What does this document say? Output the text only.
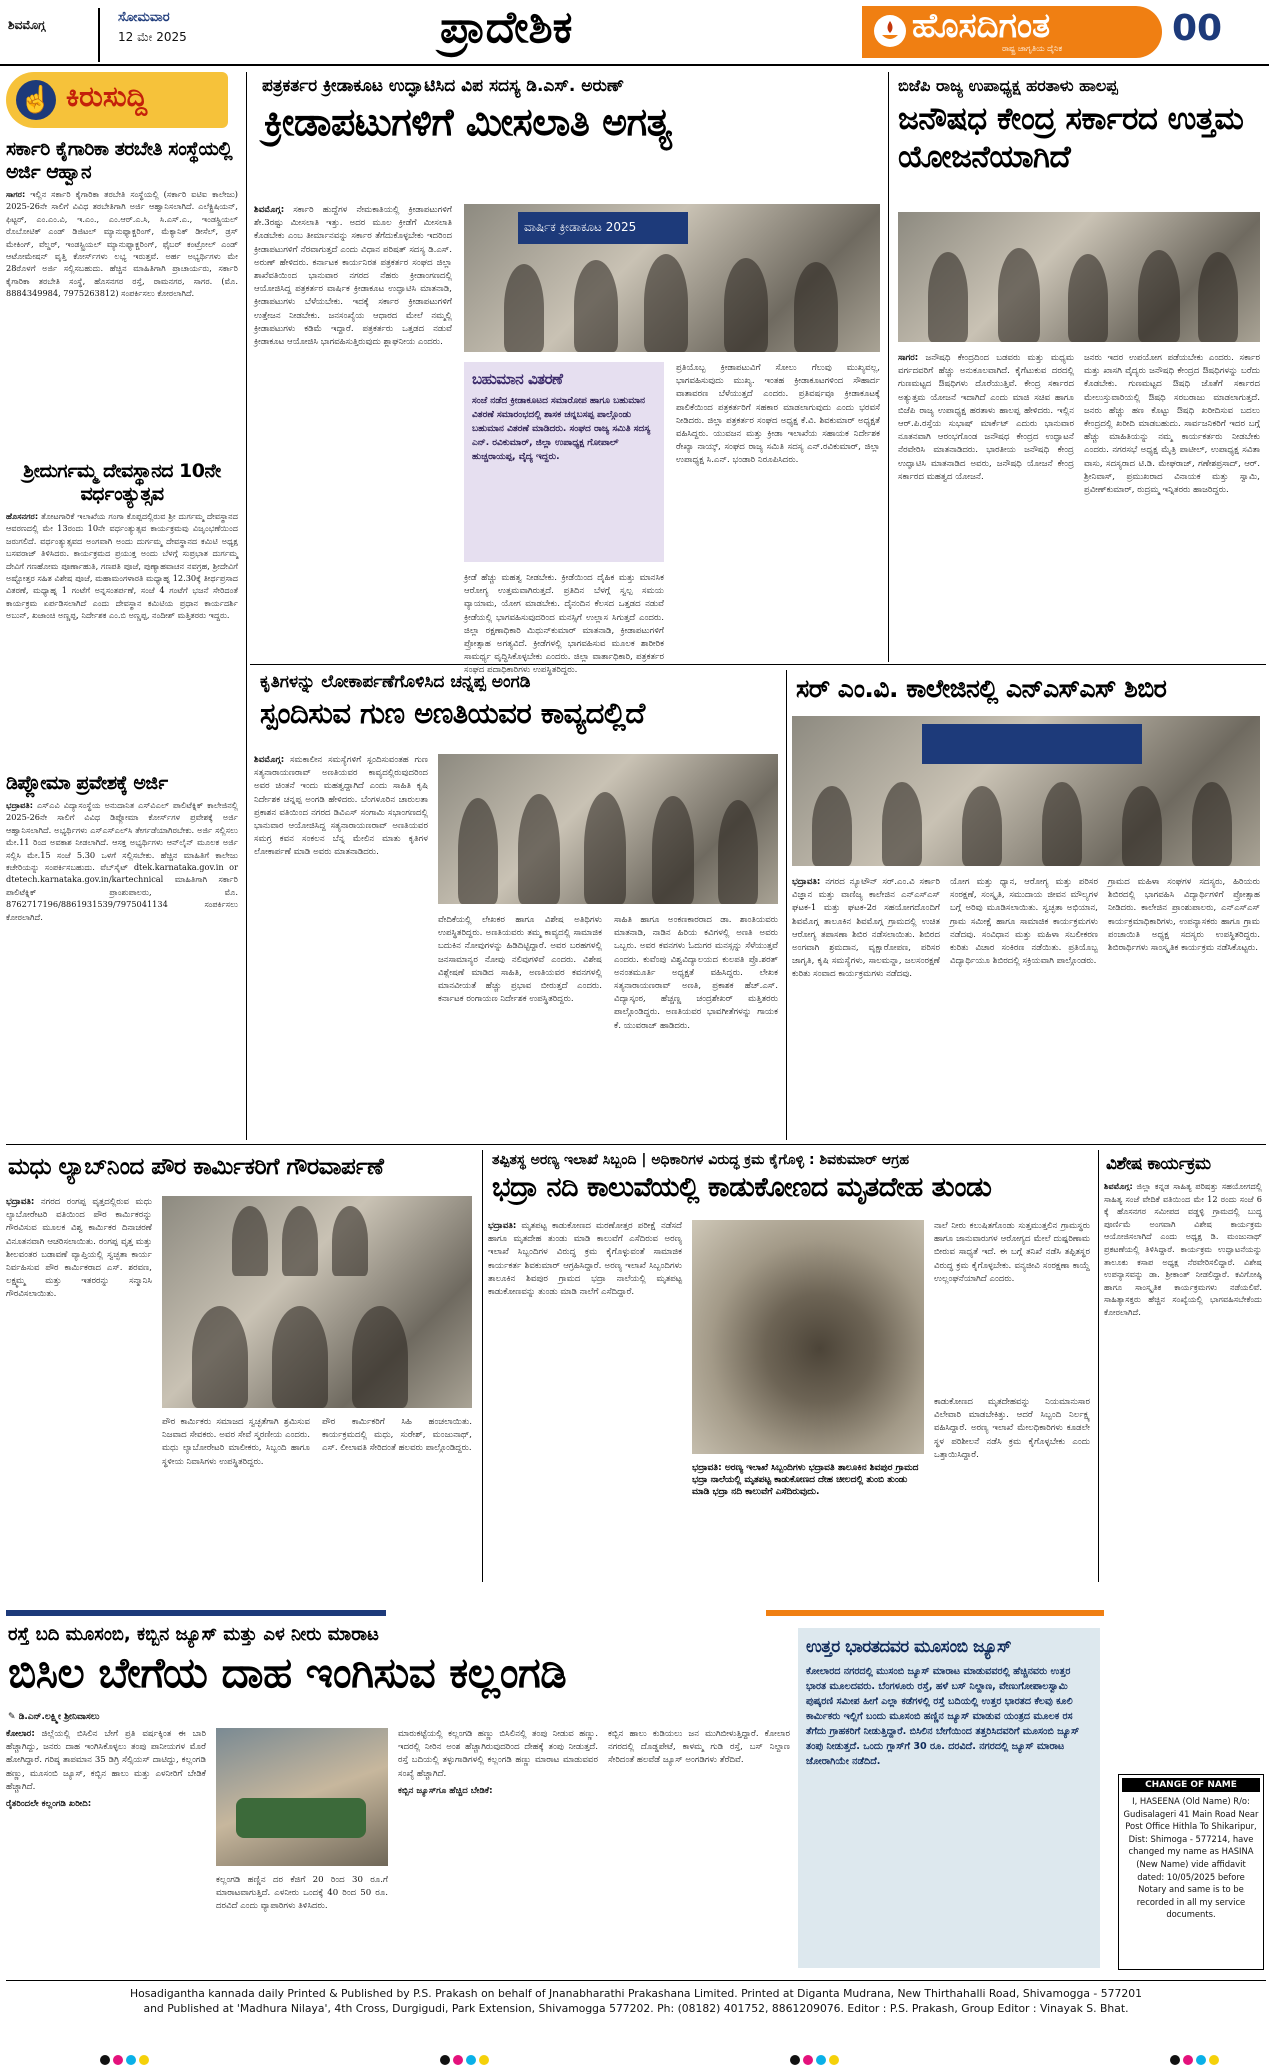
ಶಿವಮೊಗ್ಗ	ಸೋಮವಾರ
12 ಮೇ 2025	ಪ್ರಾದೇಶಿಕ	ಹೊಸದಿಗಂತ
ರಾಷ್ಟ್ರ ಜಾಗೃತಿಯ ದೈನಿಕ	00
☝ ಕಿರುಸುದ್ದಿ
ಸರ್ಕಾರಿ ಕೈಗಾರಿಕಾ ತರಬೇತಿ ಸಂಸ್ಥೆಯಲ್ಲಿ ಅರ್ಜಿ ಆಹ್ವಾನ
ಸಾಗರ: ಇಲ್ಲಿನ ಸರ್ಕಾರಿ ಕೈಗಾರಿಕಾ ತರಬೇತಿ ಸಂಸ್ಥೆಯಲ್ಲಿ (ಸರ್ಕಾರಿ ಐಟಿಐ ಕಾಲೇಜು) 2025-26ನೇ ಸಾಲಿಗೆ ವಿವಿಧ ತರಬೇತಿಗಾಗಿ ಅರ್ಜಿ ಆಹ್ವಾನಿಸಲಾಗಿದೆ. ಎಲೆಕ್ಟ್ರಿಷಿಯನ್, ಫಿಟ್ಟರ್, ಎಂ.ಎಂ.ವಿ, ಇ.ಎಂ., ಎಂ.ಆರ್.ಎ.ಸಿ, ಸಿ.ಎಸ್.ಎ., ಇಂಡಸ್ಟ್ರಿಯಲ್ ರೊಬೋಟಿಕ್ ಎಂಡ್ ಡಿಜಿಟಲ್ ಮ್ಯಾನುಫ್ಯಾಕ್ಚರಿಂಗ್, ಮೆಕ್ಯಾನಿಕ್ ಡೀಸೆಲ್, ಡ್ರಸ್ ಮೇಕಿಂಗ್, ವೆಲ್ಡರ್, ಇಂಡಸ್ಟ್ರಿಯಲ್ ಮ್ಯಾನುಫ್ಯಾಕ್ಚರಿಂಗ್, ಫೈಬರ್ ಕಂಟ್ರೋಲ್ ಎಂಡ್ ಆಟೋಮೇಷನ್ ವೃತ್ತಿ ಕೋರ್ಸ್‌ಗಳು ಲಭ್ಯ ಇರುತ್ತವೆ. ಅರ್ಹ ಅಭ್ಯರ್ಥಿಗಳು ಮೇ 28ರೊಳಗೆ ಅರ್ಜಿ ಸಲ್ಲಿಸಬಹುದು. ಹೆಚ್ಚಿನ ಮಾಹಿತಿಗಾಗಿ ಪ್ರಾಚಾರ್ಯರು, ಸರ್ಕಾರಿ ಕೈಗಾರಿಕಾ ತರಬೇತಿ ಸಂಸ್ಥೆ, ಹೊಸನಗರ ರಸ್ತೆ, ರಾಮನಗರ, ಸಾಗರ. (ಮೊ. 8884349984, 7975263812) ಸಂಪರ್ಕಿಸಲು ಕೋರಲಾಗಿದೆ.
ಶ್ರೀದುರ್ಗಮ್ಮ ದೇವಸ್ಥಾನದ 10ನೇ ವರ್ಧಂತ್ಯುತ್ಸವ
ಹೊಸನಗರ: ತೋಟಗಾರಿಕೆ ಇಲಾಖೆಯ ಗಂಗಾ ಕೊಪ್ಪದಲ್ಲಿರುವ ಶ್ರೀ ದುರ್ಗಮ್ಮ ದೇವಸ್ಥಾನದ ಆವರಣದಲ್ಲಿ ಮೇ 13ರಂದು 10ನೇ ವರ್ಧಂತ್ಯುತ್ಸವ ಕಾರ್ಯಕ್ರಮವು ವಿಜೃಂಭಣೆಯಿಂದ ಜರುಗಲಿದೆ. ವರ್ಧಂತ್ಯುತ್ಸವದ ಅಂಗವಾಗಿ ಅಂದು ದುರ್ಗಮ್ಮ ದೇವಸ್ಥಾನದ ಕಮಿಟಿ ಅಧ್ಯಕ್ಷ ಬಸವರಾಜ್ ತಿಳಿಸಿದರು. ಕಾರ್ಯಕ್ರಮದ ಪ್ರಯುಕ್ತ ಅಂದು ಬೆಳಗ್ಗೆ ಸುಪ್ರಭಾತ ದುರ್ಗಮ್ಮ ದೇವಿಗೆ ಗಣಹೋಮ ಪೂರ್ಣಾಹುತಿ, ಗಣಪತಿ ಪೂಜೆ, ಪುಣ್ಯಾಹವಾಚನ ನವಗ್ರಹ, ಶ್ರೀದೇವಿಗೆ ಅಷ್ಟೋತ್ತರ ಸಹಿತ ವಿಶೇಷ ಪೂಜೆ, ಮಹಾಮಂಗಳಾರತಿ ಮಧ್ಯಾಹ್ನ 12.30ಕ್ಕೆ ತೀರ್ಥಪ್ರಸಾದ ವಿತರಣೆ, ಮಧ್ಯಾಹ್ನ 1 ಗಂಟೆಗೆ ಅನ್ನಸಂತರ್ಪಣೆ, ಸಂಜೆ 4 ಗಂಟೆಗೆ ಭಜನೆ ಸೇರಿದಂತೆ ಕಾರ್ಯಕ್ರಮ ಏರ್ಪಡಿಸಲಾಗಿದೆ ಎಂದು ದೇವಸ್ಥಾನ ಕಮಿಟಿಯ ಪ್ರಧಾನ ಕಾರ್ಯದರ್ಶಿ ಅಬುನ್, ಖಜಾಂಚಿ ಅಣ್ಣಪ್ಪ, ನಿರ್ದೇಶಕ ಎಂ.ಬಿ ಅಣ್ಣಪ್ಪ, ನಂದೀಶ್ ಮತ್ತಿತರರು ಇದ್ದರು.
ಡಿಪ್ಲೋಮಾ ಪ್ರವೇಶಕ್ಕೆ ಅರ್ಜಿ
ಭದ್ರಾವತಿ: ಎಸ್‌ಎವಿ ವಿದ್ಯಾಸಂಸ್ಥೆಯ ಅನುದಾನಿತ ಎಸ್‌ವಿಎಲ್ ಪಾಲಿಟೆಕ್ನಿಕ್ ಕಾಲೇಜಿನಲ್ಲಿ 2025-26ನೇ ಸಾಲಿಗೆ ವಿವಿಧ ಡಿಪ್ಲೋಮಾ ಕೋರ್ಸ್‌ಗಳ ಪ್ರವೇಶಕ್ಕೆ ಅರ್ಜಿ ಆಹ್ವಾನಿಸಲಾಗಿದೆ. ಅಭ್ಯರ್ಥಿಗಳು ಎಸ್‌ಎಸ್‌ಎಲ್‌ಸಿ ತೇರ್ಗಡೆಯಾಗಿರಬೇಕು. ಅರ್ಜಿ ಸಲ್ಲಿಸಲು ಮೇ.11 ರಿಂದ ಅವಕಾಶ ನೀಡಲಾಗಿದೆ. ಆಸಕ್ತ ಅಭ್ಯರ್ಥಿಗಳು ಆನ್‌ಲೈನ್ ಮೂಲಕ ಅರ್ಜಿ ಸಲ್ಲಿಸಿ ಮೇ.15 ಸಂಜೆ 5.30 ಒಳಗೆ ಸಲ್ಲಿಸಬೇಕು. ಹೆಚ್ಚಿನ ಮಾಹಿತಿಗೆ ಕಾಲೇಜು ಕಚೇರಿಯನ್ನು ಸಂಪರ್ಕಿಸಬಹುದು. ವೆಬ್‌ಸೈಟ್ dtek.karnataka.gov.in or dtetech.karnataka.gov.in/kartechnical ಮಾಹಿತಿಗಾಗಿ ಸರ್ಕಾರಿ ಪಾಲಿಟೆಕ್ನಿಕ್ ಪ್ರಾಂಶುಪಾಲರು, ಮೊ. 8762717196/8861931539/7975041134 ಸಂಪರ್ಕಿಸಲು ಕೋರಲಾಗಿದೆ.
ಪತ್ರಕರ್ತರ ಕ್ರೀಡಾಕೂಟ ಉದ್ಘಾಟಿಸಿದ ವಿಪ ಸದಸ್ಯ ಡಿ.ಎಸ್. ಅರುಣ್
ಕ್ರೀಡಾಪಟುಗಳಿಗೆ ಮೀಸಲಾತಿ ಅಗತ್ಯ
ಶಿವಮೊಗ್ಗ: ಸರ್ಕಾರಿ ಹುದ್ದೆಗಳ ನೇಮಕಾತಿಯಲ್ಲಿ ಕ್ರೀಡಾಪಟುಗಳಿಗೆ ಶೇ.3ರಷ್ಟು ಮೀಸಲಾತಿ ಇತ್ತು. ಅದರ ಮೂಲ ಕ್ರೀಡೆಗೆ ಮೀಸಲಾತಿ ಕೊಡಬೇಕು ಎಂಬ ತೀರ್ಮಾನವನ್ನು ಸರ್ಕಾರ ತೆಗೆದುಕೊಳ್ಳಬೇಕು ಇದರಿಂದ ಕ್ರೀಡಾಪಟುಗಳಿಗೆ ನೆರವಾಗುತ್ತದೆ ಎಂದು ವಿಧಾನ ಪರಿಷತ್ ಸದಸ್ಯ ಡಿ.ಎಸ್. ಅರುಣ್ ಹೇಳಿದರು. ಕರ್ನಾಟಕ ಕಾರ್ಯನಿರತ ಪತ್ರಕರ್ತರ ಸಂಘದ ಜಿಲ್ಲಾ ಶಾಖೆವತಿಯಿಂದ ಭಾನುವಾರ ನಗರದ ನೆಹರು ಕ್ರೀಡಾಂಗಣದಲ್ಲಿ ಆಯೋಜಿಸಿದ್ದ ಪತ್ರಕರ್ತರ ವಾರ್ಷಿಕ ಕ್ರೀಡಾಕೂಟ ಉದ್ಘಾಟಿಸಿ ಮಾತನಾಡಿ, ಕ್ರೀಡಾಪಟುಗಳು ಬೆಳೆಯಬೇಕು. ಇದಕ್ಕೆ ಸರ್ಕಾರ ಕ್ರೀಡಾಪಟುಗಳಿಗೆ ಉತ್ತೇಜನ ನೀಡಬೇಕು. ಜನಸಂಖ್ಯೆಯ ಆಧಾರದ ಮೇಲೆ ನಮ್ಮಲ್ಲಿ ಕ್ರೀಡಾಪಟುಗಳು ಕಡಿಮೆ ಇದ್ದಾರೆ. ಪತ್ರಕರ್ತರು ಒತ್ತಡದ ನಡುವೆ ಕ್ರೀಡಾಕೂಟ ಆಯೋಜಿಸಿ ಭಾಗವಹಿಸುತ್ತಿರುವುದು ಶ್ಲಾಘನೀಯ ಎಂದರು.
ವಾರ್ಷಿಕ ಕ್ರೀಡಾಕೂಟ 2025
ಬಹುಮಾನ ವಿತರಣೆ
ಸಂಜೆ ನಡೆದ ಕ್ರೀಡಾಕೂಟದ ಸಮಾರೋಪ ಹಾಗೂ ಬಹುಮಾನ ವಿತರಣೆ ಸಮಾರಂಭದಲ್ಲಿ ಶಾಸಕ ಚನ್ನಬಸಪ್ಪ ಪಾಲ್ಗೊಂಡು ಬಹುಮಾನ ವಿತರಣೆ ಮಾಡಿದರು. ಸಂಘದ ರಾಜ್ಯ ಸಮಿತಿ ಸದಸ್ಯ ಎನ್. ರವಿಕುಮಾರ್, ಜಿಲ್ಲಾ ಉಪಾಧ್ಯಕ್ಷ ಗೋಪಾಲ್ ಹುಚ್ಚರಾಯಪ್ಪ, ವೈದ್ಯ ಇದ್ದರು.
ಕ್ರೀಡೆ ಹೆಚ್ಚು ಮಹತ್ವ ನೀಡಬೇಕು. ಕ್ರೀಡೆಯಿಂದ ದೈಹಿಕ ಮತ್ತು ಮಾನಸಿಕ ಆರೋಗ್ಯ ಉತ್ತಮವಾಗಿರುತ್ತದೆ. ಪ್ರತಿದಿನ ಬೆಳಗ್ಗೆ ಸ್ವಲ್ಪ ಸಮಯ ವ್ಯಾಯಾಮ, ಯೋಗ ಮಾಡಬೇಕು. ದೈನಂದಿನ ಕೆಲಸದ ಒತ್ತಡದ ನಡುವೆ ಕ್ರೀಡೆಯಲ್ಲಿ ಭಾಗವಹಿಸುವುದರಿಂದ ಮನಸ್ಸಿಗೆ ಉಲ್ಲಾಸ ಸಿಗುತ್ತದೆ ಎಂದರು. ಜಿಲ್ಲಾ ರಕ್ಷಣಾಧಿಕಾರಿ ಮಿಥುನ್‌ಕುಮಾರ್ ಮಾತನಾಡಿ, ಕ್ರೀಡಾಪಟುಗಳಿಗೆ ಪ್ರೋತ್ಸಾಹ ಅಗತ್ಯವಿದೆ. ಕ್ರೀಡೆಗಳಲ್ಲಿ ಭಾಗವಹಿಸುವ ಮೂಲಕ ಶಾರೀರಿಕ ಸಾಮರ್ಥ್ಯ ವೃದ್ಧಿಸಿಕೊಳ್ಳಬೇಕು ಎಂದರು. ಜಿಲ್ಲಾ ವಾರ್ತಾಧಿಕಾರಿ, ಪತ್ರಕರ್ತರ ಸಂಘದ ಪದಾಧಿಕಾರಿಗಳು ಉಪಸ್ಥಿತರಿದ್ದರು.
ಪ್ರತಿಯೊಬ್ಬ ಕ್ರೀಡಾಪಟುವಿಗೆ ಸೋಲು ಗೆಲುವು ಮುಖ್ಯವಲ್ಲ, ಭಾಗವಹಿಸುವುದು ಮುಖ್ಯ. ಇಂತಹ ಕ್ರೀಡಾಕೂಟಗಳಿಂದ ಸೌಹಾರ್ದ ವಾತಾವರಣ ಬೆಳೆಯುತ್ತದೆ ಎಂದರು. ಪ್ರತಿವರ್ಷವೂ ಕ್ರೀಡಾಕೂಟಕ್ಕೆ ಪಾಲಿಕೆಯಿಂದ ಪತ್ರಕರ್ತರಿಗೆ ಸಹಕಾರ ಮಾಡಲಾಗುವುದು ಎಂದು ಭರವಸೆ ನೀಡಿದರು. ಜಿಲ್ಲಾ ಪತ್ರಕರ್ತರ ಸಂಘದ ಅಧ್ಯಕ್ಷ ಕೆ.ವಿ. ಶಿವಕುಮಾರ್ ಅಧ್ಯಕ್ಷತೆ ವಹಿಸಿದ್ದರು. ಯುವಜನ ಮತ್ತು ಕ್ರೀಡಾ ಇಲಾಖೆಯ ಸಹಾಯಕ ನಿರ್ದೇಶಕ ರೇಖ್ಯಾ ನಾಯ್ಕ್, ಸಂಘದ ರಾಜ್ಯ ಸಮಿತಿ ಸದಸ್ಯ ಎನ್.ರವಿಕುಮಾರ್, ಜಿಲ್ಲಾ ಉಪಾಧ್ಯಕ್ಷ ಸಿ.ಎನ್. ಭಂಡಾರಿ ನಿರೂಪಿಸಿದರು.
ಬಿಜೆಪಿ ರಾಜ್ಯ ಉಪಾಧ್ಯಕ್ಷ ಹರತಾಳು ಹಾಲಪ್ಪ
ಜನೌಷಧ ಕೇಂದ್ರ ಸರ್ಕಾರದ ಉತ್ತಮ ಯೋಜನೆಯಾಗಿದೆ
ಸಾಗರ: ಜನೌಷಧಿ ಕೇಂದ್ರದಿಂದ ಬಡವರು ಮತ್ತು ಮಧ್ಯಮ ವರ್ಗದವರಿಗೆ ಹೆಚ್ಚು ಅನುಕೂಲವಾಗಿದೆ. ಕೈಗೆಟುಕುವ ದರದಲ್ಲಿ ಗುಣಮಟ್ಟದ ಔಷಧಿಗಳು ದೊರೆಯುತ್ತಿವೆ. ಕೇಂದ್ರ ಸರ್ಕಾರದ ಅತ್ಯುತ್ತಮ ಯೋಜನೆ ಇದಾಗಿದೆ ಎಂದು ಮಾಜಿ ಸಚಿವ ಹಾಗೂ ಬಿಜೆಪಿ ರಾಜ್ಯ ಉಪಾಧ್ಯಕ್ಷ ಹರತಾಳು ಹಾಲಪ್ಪ ಹೇಳಿದರು. ಇಲ್ಲಿನ ಆರ್.ಪಿ.ರಸ್ತೆಯ ಸುಭಾಷ್ ಮಾರ್ಕೆಟ್ ಎದುರು ಭಾನುವಾರ ನೂತನವಾಗಿ ಆರಂಭಗೊಂಡ ಜನೌಷಧ ಕೇಂದ್ರದ ಉದ್ಘಾಟನೆ ನೆರವೇರಿಸಿ ಮಾತನಾಡಿದರು. ಭಾರತೀಯ ಜನೌಷಧಿ ಕೇಂದ್ರ ಉದ್ಘಾಟಿಸಿ ಮಾತನಾಡಿದ ಅವರು, ಜನೌಷಧಿ ಯೋಜನೆ ಕೇಂದ್ರ ಸರ್ಕಾರದ ಮಹತ್ವದ ಯೋಜನೆ.
ಜನರು ಇದರ ಉಪಯೋಗ ಪಡೆಯಬೇಕು ಎಂದರು. ಸರ್ಕಾರ ಮತ್ತು ಖಾಸಗಿ ವೈದ್ಯರು ಜನೌಷಧಿ ಕೇಂದ್ರದ ಔಷಧಿಗಳನ್ನು ಬರೆದು ಕೊಡಬೇಕು. ಗುಣಮಟ್ಟದ ಔಷಧಿ ಜೊತೆಗೆ ಸರ್ಕಾರದ ಮೇಲುಸ್ತುವಾರಿಯಲ್ಲಿ ಔಷಧಿ ಸರಬರಾಜು ಮಾಡಲಾಗುತ್ತದೆ. ಜನರು ಹೆಚ್ಚು ಹಣ ಕೊಟ್ಟು ಔಷಧಿ ಖರೀದಿಸುವ ಬದಲು ಕೇಂದ್ರದಲ್ಲಿ ಖರೀದಿ ಮಾಡಬಹುದು. ಸಾರ್ವಜನಿಕರಿಗೆ ಇದರ ಬಗ್ಗೆ ಹೆಚ್ಚು ಮಾಹಿತಿಯನ್ನು ನಮ್ಮ ಕಾರ್ಯಕರ್ತರು ನೀಡಬೇಕು ಎಂದರು. ನಗರಸಭೆ ಅಧ್ಯಕ್ಷ ಮೈತ್ರಿ ಪಾಟೀಲ್, ಉಪಾಧ್ಯಕ್ಷ ಸವಿತಾ ವಾಸು, ಸದಸ್ಯರಾದ ಟಿ.ಡಿ. ಮೇಘರಾಜ್, ಗಣೇಶಪ್ರಸಾದ್, ಆರ್. ಶ್ರೀನಿವಾಸ್, ಪ್ರಮುಖರಾದ ವಿನಾಯಕ ಮತ್ತು ಸ್ವಾಮಿ, ಪ್ರವೀಣ್‌ಕುಮಾರ್, ರುದ್ರಮ್ಮ ಇನ್ನಿತರರು ಹಾಜರಿದ್ದರು.
ಕೃತಿಗಳನ್ನು ಲೋಕಾರ್ಪಣೆಗೊಳಿಸಿದ ಚನ್ನಪ್ಪ ಅಂಗಡಿ
ಸ್ಪಂದಿಸುವ ಗುಣ ಅಣತಿಯವರ ಕಾವ್ಯದಲ್ಲಿದೆ
ಶಿವಮೊಗ್ಗ: ಸಮಕಾಲೀನ ಸಮಸ್ಯೆಗಳಿಗೆ ಸ್ಪಂದಿಸುವಂತಹ ಗುಣ ಸತ್ಯನಾರಾಯಣರಾವ್ ಅಣತಿಯವರ ಕಾವ್ಯದಲ್ಲಿರುವುದರಿಂದ ಅವರ ಚಿಂತನೆ ಇಂದು ಮಹತ್ವದ್ದಾಗಿದೆ ಎಂದು ಸಾಹಿತಿ ಕೃಷಿ ನಿರ್ದೇಶಕ ಚನ್ನಪ್ಪ ಅಂಗಡಿ ಹೇಳಿದರು. ಬೆಂಗಳೂರಿನ ಚಾರುಲತಾ ಪ್ರಕಾಶನ ವತಿಯಿಂದ ನಗರದ ಡಿವಿಎಸ್ ಸಂಗಾಮಿ ಸಭಾಂಗಣದಲ್ಲಿ ಭಾನುವಾರ ಆಯೋಜಿಸಿದ್ದ ಸತ್ಯನಾರಾಯಣರಾವ್ ಅಣತಿಯವರ ಸಮಗ್ರ ಕವನ ಸಂಕಲನ ಬೆನ್ನ ಮೇಲಿನ ಮಾತು ಕೃತಿಗಳ ಲೋಕಾರ್ಪಣೆ ಮಾಡಿ ಅವರು ಮಾತನಾಡಿದರು.
ವೇದಿಕೆಯಲ್ಲಿ ಲೇಖಕರ ಹಾಗೂ ವಿಶೇಷ ಅತಿಥಿಗಳು ಉಪಸ್ಥಿತರಿದ್ದರು. ಅಣತಿಯವರು ತಮ್ಮ ಕಾವ್ಯದಲ್ಲಿ ಸಾಮಾಜಿಕ ಬದುಕಿನ ನೋವುಗಳನ್ನು ಹಿಡಿದಿಟ್ಟಿದ್ದಾರೆ. ಅವರ ಬರಹಗಳಲ್ಲಿ ಜನಸಾಮಾನ್ಯರ ನೋವು ನಲಿವುಗಳಿವೆ ಎಂದರು. ವಿಶೇಷ ವಿಶ್ಲೇಷಣೆ ಮಾಡಿದ ಸಾಹಿತಿ, ಅಣತಿಯವರ ಕವನಗಳಲ್ಲಿ ಮಾನವೀಯತೆ ಹೆಚ್ಚು ಪ್ರಭಾವ ಬೀರುತ್ತದೆ ಎಂದರು. ಕರ್ನಾಟಕ ರಂಗಾಯಣ ನಿರ್ದೇಶಕ ಉಪಸ್ಥಿತರಿದ್ದರು.
ಸಾಹಿತಿ ಹಾಗೂ ಅಂಕಣಕಾರರಾದ ಡಾ. ಶಾಂತಿಯವರು ಮಾತನಾಡಿ, ನಾಡಿನ ಹಿರಿಯ ಕವಿಗಳಲ್ಲಿ ಅಣತಿ ಅವರು ಒಬ್ಬರು. ಅವರ ಕವನಗಳು ಓದುಗರ ಮನಸ್ಸನ್ನು ಸೆಳೆಯುತ್ತವೆ ಎಂದರು. ಕುವೆಂಪು ವಿಶ್ವವಿದ್ಯಾಲಯದ ಕುಲಪತಿ ಪ್ರೊ.ಶರತ್ ಅನಂತಮೂರ್ತಿ ಅಧ್ಯಕ್ಷತೆ ವಹಿಸಿದ್ದರು. ಲೇಖಕ ಸತ್ಯನಾರಾಯಣರಾವ್ ಅಣತಿ, ಪ್ರಕಾಶಕ ಹೆಚ್.ಎಸ್. ವಿದ್ಯಾಸ್ಕಂಠ, ಹೆಚ್ಚಣ್ಣ ಚಂದ್ರಶೇಖರ್ ಮತ್ತಿತರರು ಪಾಲ್ಗೊಂಡಿದ್ದರು. ಅಣತಿಯವರ ಭಾವಗೀತೆಗಳನ್ನು ಗಾಯಕ ಕೆ. ಯುವರಾಜ್ ಹಾಡಿದರು.
ಸರ್ ಎಂ.ವಿ. ಕಾಲೇಜಿನಲ್ಲಿ ಎನ್‌ಎಸ್‌ಎಸ್ ಶಿಬಿರ
ಭದ್ರಾವತಿ: ನಗರದ ನ್ಯೂಟೌನ್ ಸರ್.ಎಂ.ವಿ ಸರ್ಕಾರಿ ವಿಜ್ಞಾನ ಮತ್ತು ವಾಣಿಜ್ಯ ಕಾಲೇಜಿನ ಎನ್‌ಎಸ್‌ಎಸ್ ಘಟಕ-1 ಮತ್ತು ಘಟಕ-2ರ ಸಹಯೋಗದೊಂದಿಗೆ ಶಿವಮೊಗ್ಗ ತಾಲೂಕಿನ ಶಿವಮೊಗ್ಗ ಗ್ರಾಮದಲ್ಲಿ ಉಚಿತ ಆರೋಗ್ಯ ತಪಾಸಣಾ ಶಿಬಿರ ನಡೆಸಲಾಯಿತು. ಶಿಬಿರದ ಅಂಗವಾಗಿ ಶ್ರಮದಾನ, ವೃಕ್ಷಾರೋಪಣ, ಪರಿಸರ ಜಾಗೃತಿ, ಕೃಷಿ ಸಮಸ್ಯೆಗಳು, ಸಾಲಮನ್ನಾ, ಜಲಸಂರಕ್ಷಣೆ ಕುರಿತು ಸಂವಾದ ಕಾರ್ಯಕ್ರಮಗಳು ನಡೆದವು.
ಯೋಗ ಮತ್ತು ಧ್ಯಾನ, ಆರೋಗ್ಯ ಮತ್ತು ಪರಿಸರ ಸಂರಕ್ಷಣೆ, ಸಂಸ್ಕೃತಿ, ಸಮುದಾಯ ಜೀವನ ಮೌಲ್ಯಗಳ ಬಗ್ಗೆ ಅರಿವು ಮೂಡಿಸಲಾಯಿತು. ಸ್ವಚ್ಛತಾ ಅಭಿಯಾನ, ಗ್ರಾಮ ಸಮೀಕ್ಷೆ ಹಾಗೂ ಸಾಮಾಜಿಕ ಕಾರ್ಯಕ್ರಮಗಳು ನಡೆದವು. ಸಂವಿಧಾನ ಮತ್ತು ಮಹಿಳಾ ಸಬಲೀಕರಣ ಕುರಿತು ವಿಚಾರ ಸಂಕಿರಣ ನಡೆಯಿತು. ಪ್ರತಿಯೊಬ್ಬ ವಿದ್ಯಾರ್ಥಿಯೂ ಶಿಬಿರದಲ್ಲಿ ಸಕ್ರಿಯವಾಗಿ ಪಾಲ್ಗೊಂಡರು.
ಗ್ರಾಮದ ಮಹಿಳಾ ಸಂಘಗಳ ಸದಸ್ಯರು, ಹಿರಿಯರು ಶಿಬಿರದಲ್ಲಿ ಭಾಗವಹಿಸಿ ವಿದ್ಯಾರ್ಥಿಗಳಿಗೆ ಪ್ರೋತ್ಸಾಹ ನೀಡಿದರು. ಕಾಲೇಜಿನ ಪ್ರಾಂಶುಪಾಲರು, ಎನ್‌ಎಸ್‌ಎಸ್ ಕಾರ್ಯಕ್ರಮಾಧಿಕಾರಿಗಳು, ಉಪನ್ಯಾಸಕರು ಹಾಗೂ ಗ್ರಾಮ ಪಂಚಾಯಿತಿ ಅಧ್ಯಕ್ಷ ಸದಸ್ಯರು ಉಪಸ್ಥಿತರಿದ್ದರು. ಶಿಬಿರಾರ್ಥಿಗಳು ಸಾಂಸ್ಕೃತಿಕ ಕಾರ್ಯಕ್ರಮ ನಡೆಸಿಕೊಟ್ಟರು.
ಮಧು ಲ್ಯಾಬ್‌ನಿಂದ ಪೌರ ಕಾರ್ಮಿಕರಿಗೆ ಗೌರವಾರ್ಪಣೆ
ಭದ್ರಾವತಿ: ನಗರದ ರಂಗಪ್ಪ ವೃತ್ತದಲ್ಲಿರುವ ಮಧು ಲ್ಯಾಬೋರೇಟರಿ ವತಿಯಿಂದ ಪೌರ ಕಾರ್ಮಿಕರನ್ನು ಗೌರವಿಸುವ ಮೂಲಕ ವಿಶ್ವ ಕಾರ್ಮಿಕರ ದಿನಾಚರಣೆ ವಿನೂತನವಾಗಿ ಆಚರಿಸಲಾಯಿತು. ರಂಗಪ್ಪ ವೃತ್ತ ಮತ್ತು ಶೀಲವಂತರ ಬಡಾವಣೆ ವ್ಯಾಪ್ತಿಯಲ್ಲಿ ಸ್ವಚ್ಛತಾ ಕಾರ್ಯ ನಿರ್ವಹಿಸುವ ಪೌರ ಕಾರ್ಮಿಕರಾದ ಎಸ್. ಶರವಣ, ಲಕ್ಷ್ಮಮ್ಮ ಮತ್ತು ಇತರರನ್ನು ಸನ್ಮಾನಿಸಿ ಗೌರವಿಸಲಾಯಿತು.
ಪೌರ ಕಾರ್ಮಿಕರು ಸಮಾಜದ ಸ್ವಚ್ಛತೆಗಾಗಿ ಶ್ರಮಿಸುವ ನಿಜವಾದ ಸೇವಕರು. ಅವರ ಸೇವೆ ಸ್ಮರಣೀಯ ಎಂದರು. ಮಧು ಲ್ಯಾಬೋರೇಟರಿ ಮಾಲೀಕರು, ಸಿಬ್ಬಂದಿ ಹಾಗೂ ಸ್ಥಳೀಯ ನಿವಾಸಿಗಳು ಉಪಸ್ಥಿತರಿದ್ದರು.
ಪೌರ ಕಾರ್ಮಿಕರಿಗೆ ಸಿಹಿ ಹಂಚಲಾಯಿತು. ಕಾರ್ಯಕ್ರಮದಲ್ಲಿ ಮಧು, ಸುರೇಶ್, ಮಂಜುನಾಥ್, ಎಸ್. ಲೀಲಾವತಿ ಸೇರಿದಂತೆ ಹಲವರು ಪಾಲ್ಗೊಂಡಿದ್ದರು.
ತಪ್ಪಿತಸ್ಥ ಅರಣ್ಯ ಇಲಾಖೆ ಸಿಬ್ಬಂದಿ | ಅಧಿಕಾರಿಗಳ ವಿರುದ್ಧ ಕ್ರಮ ಕೈಗೊಳ್ಳಿ : ಶಿವಕುಮಾರ್ ಆಗ್ರಹ
ಭದ್ರಾ ನದಿ ಕಾಲುವೆಯಲ್ಲಿ ಕಾಡುಕೋಣದ ಮೃತದೇಹ ತುಂಡು
ಭದ್ರಾವತಿ: ಮೃತಪಟ್ಟ ಕಾಡುಕೋಣದ ಮರಣೋತ್ತರ ಪರೀಕ್ಷೆ ನಡೆಸದೆ ಹಾಗೂ ಮೃತದೇಹ ತುಂಡು ಮಾಡಿ ಕಾಲುವೆಗೆ ಎಸೆದಿರುವ ಅರಣ್ಯ ಇಲಾಖೆ ಸಿಬ್ಬಂದಿಗಳ ವಿರುದ್ಧ ಕ್ರಮ ಕೈಗೊಳ್ಳುವಂತೆ ಸಾಮಾಜಿಕ ಕಾರ್ಯಕರ್ತ ಶಿವಕುಮಾರ್ ಆಗ್ರಹಿಸಿದ್ದಾರೆ. ಅರಣ್ಯ ಇಲಾಖೆ ಸಿಬ್ಬಂದಿಗಳು ತಾಲೂಕಿನ ಶಿವಪುರ ಗ್ರಾಮದ ಭದ್ರಾ ನಾಲೆಯಲ್ಲಿ ಮೃತಪಟ್ಟ ಕಾಡುಕೋಣವನ್ನು ತುಂಡು ಮಾಡಿ ನಾಲೆಗೆ ಎಸೆದಿದ್ದಾರೆ.
ಭದ್ರಾವತಿ: ಅರಣ್ಯ ಇಲಾಖೆ ಸಿಬ್ಬಂದಿಗಳು ಭದ್ರಾವತಿ ತಾಲೂಕಿನ ಶಿವಪುರ ಗ್ರಾಮದ ಭದ್ರಾ ನಾಲೆಯಲ್ಲಿ ಮೃತಪಟ್ಟ ಕಾಡುಕೋಣದ ದೇಹ ಚೀಲದಲ್ಲಿ ತುಂಬಿ ತುಂಡು ಮಾಡಿ ಭದ್ರಾ ನದಿ ಕಾಲುವೆಗೆ ಎಸೆದಿರುವುದು.
ನಾಲೆ ನೀರು ಕಲುಷಿತಗೊಂಡು ಸುತ್ತಮುತ್ತಲಿನ ಗ್ರಾಮಸ್ಥರು ಹಾಗೂ ಜಾನುವಾರುಗಳ ಆರೋಗ್ಯದ ಮೇಲೆ ದುಷ್ಪರಿಣಾಮ ಬೀರುವ ಸಾಧ್ಯತೆ ಇದೆ. ಈ ಬಗ್ಗೆ ತನಿಖೆ ನಡೆಸಿ ತಪ್ಪಿತಸ್ಥರ ವಿರುದ್ಧ ಕ್ರಮ ಕೈಗೊಳ್ಳಬೇಕು. ವನ್ಯಜೀವಿ ಸಂರಕ್ಷಣಾ ಕಾಯ್ದೆ ಉಲ್ಲಂಘನೆಯಾಗಿದೆ ಎಂದರು.
ಕಾಡುಕೋಣದ ಮೃತದೇಹವನ್ನು ನಿಯಮಾನುಸಾರ ವಿಲೇವಾರಿ ಮಾಡಬೇಕಿತ್ತು. ಆದರೆ ಸಿಬ್ಬಂದಿ ನಿರ್ಲಕ್ಷ್ಯ ವಹಿಸಿದ್ದಾರೆ. ಅರಣ್ಯ ಇಲಾಖೆ ಮೇಲಧಿಕಾರಿಗಳು ಕೂಡಲೇ ಸ್ಥಳ ಪರಿಶೀಲನೆ ನಡೆಸಿ ಕ್ರಮ ಕೈಗೊಳ್ಳಬೇಕು ಎಂದು ಒತ್ತಾಯಿಸಿದ್ದಾರೆ.
ವಿಶೇಷ ಕಾರ್ಯಕ್ರಮ
ಶಿವಮೊಗ್ಗ: ಜಿಲ್ಲಾ ಕನ್ನಡ ಸಾಹಿತ್ಯ ಪರಿಷತ್ತು ಸಹಯೋಗದಲ್ಲಿ ಸಾಹಿತ್ಯ ಸಂಜೆ ವೇದಿಕೆ ವತಿಯಿಂದ ಮೇ 12 ರಂದು ಸಂಜೆ 6 ಕ್ಕೆ ಹೊಸನಗರ ಸಮೀಪದ ವಡ್ಡಳ್ಳಿ ಗ್ರಾಮದಲ್ಲಿ ಬುದ್ಧ ಪೂರ್ಣಿಮೆ ಅಂಗವಾಗಿ ವಿಶೇಷ ಕಾರ್ಯಕ್ರಮ ಆಯೋಜಿಸಲಾಗಿದೆ ಎಂದು ಅಧ್ಯಕ್ಷ ಡಿ. ಮಂಜುನಾಥ್ ಪ್ರಕಟಣೆಯಲ್ಲಿ ತಿಳಿಸಿದ್ದಾರೆ. ಕಾರ್ಯಕ್ರಮ ಉದ್ಘಾಟನೆಯನ್ನು ತಾಲೂಕು ಕಸಾಪ ಅಧ್ಯಕ್ಷ ನೆರವೇರಿಸಲಿದ್ದಾರೆ. ವಿಶೇಷ ಉಪನ್ಯಾಸವನ್ನು ಡಾ. ಶ್ರೀಕಾಂತ್ ನೀಡಲಿದ್ದಾರೆ. ಕವಿಗೋಷ್ಠಿ ಹಾಗೂ ಸಾಂಸ್ಕೃತಿಕ ಕಾರ್ಯಕ್ರಮಗಳು ನಡೆಯಲಿವೆ. ಸಾಹಿತ್ಯಾಸಕ್ತರು ಹೆಚ್ಚಿನ ಸಂಖ್ಯೆಯಲ್ಲಿ ಭಾಗವಹಿಸಬೇಕೆಂದು ಕೋರಲಾಗಿದೆ.
CHANGE OF NAME
I, HASEENA (Old Name) R/o: Gudisalageri 41 Main Road Near Post Office Hithla To Shikaripur, Dist: Shimoga - 577214, have changed my name as HASINA (New Name) vide affidavit dated: 10/05/2025 before Notary and same is to be recorded in all my service documents.
ರಸ್ತೆ ಬದಿ ಮೂಸಂಬಿ, ಕಬ್ಬಿನ ಜ್ಯೂಸ್ ಮತ್ತು ಎಳ ನೀರು ಮಾರಾಟ
ಬಿಸಿಲ ಬೇಗೆಯ ದಾಹ ಇಂಗಿಸುವ ಕಲ್ಲಂಗಡಿ
✎ ಡಿ.ಎನ್.ಲಕ್ಷ್ಮೀ ಶ್ರೀನಿವಾಸಲು
ಕೋಲಾರ: ಜಿಲ್ಲೆಯಲ್ಲಿ ಬಿಸಿಲಿನ ಬೇಗೆ ಪ್ರತಿ ವರ್ಷಕ್ಕಿಂತ ಈ ಬಾರಿ ಹೆಚ್ಚಾಗಿದ್ದು, ಜನರು ದಾಹ ಇಂಗಿಸಿಕೊಳ್ಳಲು ತಂಪು ಪಾನೀಯಗಳ ಮೊರೆ ಹೋಗಿದ್ದಾರೆ. ಗರಿಷ್ಠ ತಾಪಮಾನ 35 ಡಿಗ್ರಿ ಸೆಲ್ಸಿಯಸ್ ದಾಟಿದ್ದು, ಕಲ್ಲಂಗಡಿ ಹಣ್ಣು, ಮೂಸಂಬಿ ಜ್ಯೂಸ್, ಕಬ್ಬಿನ ಹಾಲು ಮತ್ತು ಎಳನೀರಿಗೆ ಬೇಡಿಕೆ ಹೆಚ್ಚಾಗಿದೆ.
ರೈತರಿಂದಲೇ ಕಲ್ಲಂಗಡಿ ಖರೀದಿ:
ಕಲ್ಲಂಗಡಿ ಹಣ್ಣಿನ ದರ ಕೆಜಿಗೆ 20 ರಿಂದ 30 ರೂ.ಗೆ ಮಾರಾಟವಾಗುತ್ತಿದೆ. ಎಳನೀರು ಒಂದಕ್ಕೆ 40 ರಿಂದ 50 ರೂ. ದರವಿದೆ ಎಂದು ವ್ಯಾಪಾರಿಗಳು ತಿಳಿಸಿದರು.
ಮಾರುಕಟ್ಟೆಯಲ್ಲಿ ಕಲ್ಲಂಗಡಿ ಹಣ್ಣು ಬಿಸಿಲಿನಲ್ಲಿ ತಂಪು ನೀಡುವ ಹಣ್ಣು. ಇದರಲ್ಲಿ ನೀರಿನ ಅಂಶ ಹೆಚ್ಚಾಗಿರುವುದರಿಂದ ದೇಹಕ್ಕೆ ತಂಪು ನೀಡುತ್ತದೆ. ರಸ್ತೆ ಬದಿಯಲ್ಲಿ ತಳ್ಳುಗಾಡಿಗಳಲ್ಲಿ ಕಲ್ಲಂಗಡಿ ಹಣ್ಣು ಮಾರಾಟ ಮಾಡುವವರ ಸಂಖ್ಯೆ ಹೆಚ್ಚಾಗಿದೆ.
ಕಬ್ಬಿನ ಜ್ಯೂಸ್‌ಗೂ ಹೆಚ್ಚಿದ ಬೇಡಿಕೆ:
ಕಬ್ಬಿನ ಹಾಲು ಕುಡಿಯಲು ಜನ ಮುಗಿಬೀಳುತ್ತಿದ್ದಾರೆ. ಕೋಲಾರ ನಗರದಲ್ಲಿ ದೊಡ್ಡಪೇಟೆ, ಕಾಳಮ್ಮ ಗುಡಿ ರಸ್ತೆ, ಬಸ್ ನಿಲ್ದಾಣ ಸೇರಿದಂತೆ ಹಲವೆಡೆ ಜ್ಯೂಸ್ ಅಂಗಡಿಗಳು ತೆರೆದಿವೆ.
ಉತ್ತರ ಭಾರತದವರ ಮೂಸಂಬಿ ಜ್ಯೂಸ್
ಕೋಲಾರದ ನಗರದಲ್ಲಿ ಮುಸಂಬಿ ಜ್ಯೂಸ್ ಮಾರಾಟ ಮಾಡುವವರಲ್ಲಿ ಹೆಚ್ಚಿನವರು ಉತ್ತರ ಭಾರತ ಮೂಲದವರು. ಬೆಂಗಳೂರು ರಸ್ತೆ, ಹಳೆ ಬಸ್ ನಿಲ್ದಾಣ, ವೇಣುಗೋಪಾಲಸ್ವಾಮಿ ಪುಷ್ಕರಣಿ ಸಮೀಪ ಹೀಗೆ ಎಲ್ಲಾ ಕಡೆಗಳಲ್ಲಿ ರಸ್ತೆ ಬದಿಯಲ್ಲಿ ಉತ್ತರ ಭಾರತದ ಕೆಲವು ಕೂಲಿ ಕಾರ್ಮಿಕರು ಇಲ್ಲಿಗೆ ಬಂದು ಮೂಸಂಬಿ ಹಣ್ಣಿನ ಜ್ಯೂಸ್ ಮಾಡುವ ಯಂತ್ರದ ಮೂಲಕ ರಸ ತೆಗೆದು ಗ್ರಾಹಕರಿಗೆ ನೀಡುತ್ತಿದ್ದಾರೆ. ಬಿಸಿಲಿನ ಬೇಗೆಯಿಂದ ತತ್ತರಿಸಿದವರಿಗೆ ಮೂಸಂಬಿ ಜ್ಯೂಸ್ ತಂಪು ನೀಡುತ್ತದೆ. ಒಂದು ಗ್ಲಾಸ್‌ಗೆ 30 ರೂ. ದರವಿದೆ. ನಗರದಲ್ಲಿ ಜ್ಯೂಸ್ ಮಾರಾಟ ಜೋರಾಗಿಯೇ ನಡೆದಿದೆ.
Hosadigantha kannada daily Printed & Published by P.S. Prakash on behalf of Jnanabharathi Prakashana Limited. Printed at Diganta Mudrana, New Thirthahalli Road, Shivamogga - 577201
and Published at 'Madhura Nilaya', 4th Cross, Durgigudi, Park Extension, Shivamogga 577202. Ph: (08182) 401752, 8861209076. Editor : P.S. Prakash, Group Editor : Vinayak S. Bhat.
